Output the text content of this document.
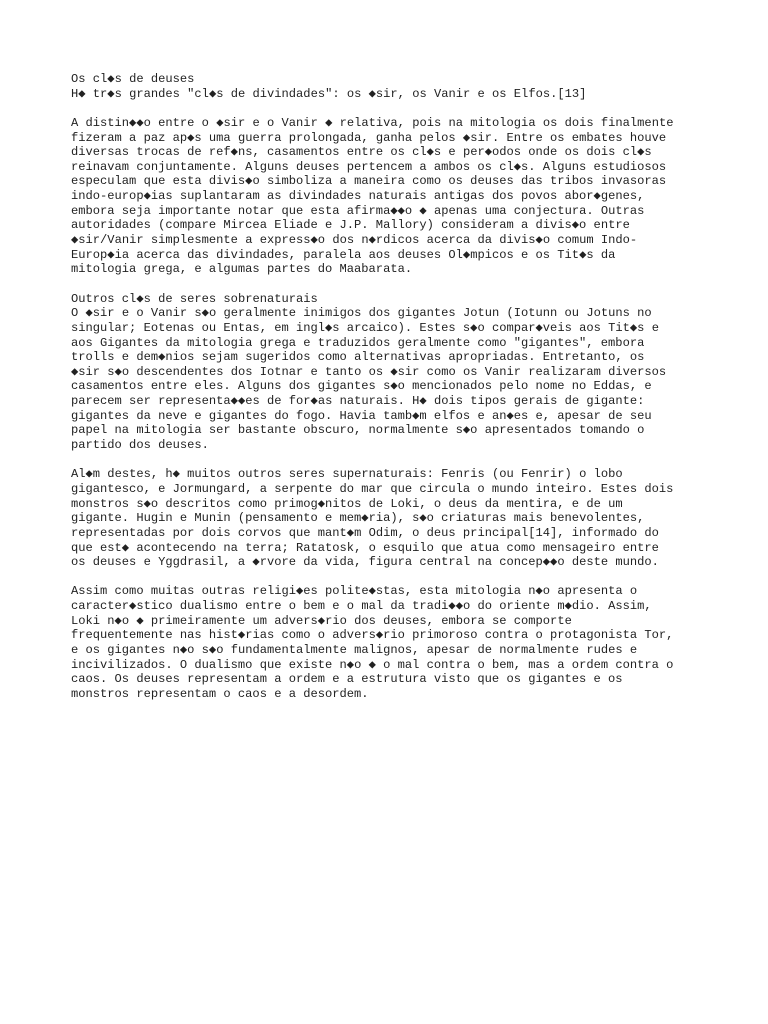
Os cl◆s de deuses
H◆ tr◆s grandes "cl◆s de divindades": os ◆sir, os Vanir e os Elfos.[13]
A distin◆◆o entre o ◆sir e o Vanir ◆ relativa, pois na mitologia os dois finalmente
fizeram a paz ap◆s uma guerra prolongada, ganha pelos ◆sir. Entre os embates houve
diversas trocas de ref◆ns, casamentos entre os cl◆s e per◆odos onde os dois cl◆s
reinavam conjuntamente. Alguns deuses pertencem a ambos os cl◆s. Alguns estudiosos
especulam que esta divis◆o simboliza a maneira como os deuses das tribos invasoras
indo-europ◆ias suplantaram as divindades naturais antigas dos povos abor◆genes,
embora seja importante notar que esta afirma◆◆o ◆ apenas uma conjectura. Outras
autoridades (compare Mircea Eliade e J.P. Mallory) consideram a divis◆o entre
◆sir/Vanir simplesmente a express◆o dos n◆rdicos acerca da divis◆o comum Indo-
Europ◆ia acerca das divindades, paralela aos deuses Ol◆mpicos e os Tit◆s da
mitologia grega, e algumas partes do Maabarata.
Outros cl◆s de seres sobrenaturais
O ◆sir e o Vanir s◆o geralmente inimigos dos gigantes Jotun (Iotunn ou Jotuns no
singular; Eotenas ou Entas, em ingl◆s arcaico). Estes s◆o compar◆veis aos Tit◆s e
aos Gigantes da mitologia grega e traduzidos geralmente como "gigantes", embora
trolls e dem◆nios sejam sugeridos como alternativas apropriadas. Entretanto, os
◆sir s◆o descendentes dos Iotnar e tanto os ◆sir como os Vanir realizaram diversos
casamentos entre eles. Alguns dos gigantes s◆o mencionados pelo nome no Eddas, e
parecem ser representa◆◆es de for◆as naturais. H◆ dois tipos gerais de gigante:
gigantes da neve e gigantes do fogo. Havia tamb◆m elfos e an◆es e, apesar de seu
papel na mitologia ser bastante obscuro, normalmente s◆o apresentados tomando o
partido dos deuses.
Al◆m destes, h◆ muitos outros seres supernaturais: Fenris (ou Fenrir) o lobo
gigantesco, e Jormungard, a serpente do mar que circula o mundo inteiro. Estes dois
monstros s◆o descritos como primog◆nitos de Loki, o deus da mentira, e de um
gigante. Hugin e Munin (pensamento e mem◆ria), s◆o criaturas mais benevolentes,
representadas por dois corvos que mant◆m Odim, o deus principal[14], informado do
que est◆ acontecendo na terra; Ratatosk, o esquilo que atua como mensageiro entre
os deuses e Yggdrasil, a ◆rvore da vida, figura central na concep◆◆o deste mundo.
Assim como muitas outras religi◆es polite◆stas, esta mitologia n◆o apresenta o
caracter◆stico dualismo entre o bem e o mal da tradi◆◆o do oriente m◆dio. Assim,
Loki n◆o ◆ primeiramente um advers◆rio dos deuses, embora se comporte
frequentemente nas hist◆rias como o advers◆rio primoroso contra o protagonista Tor,
e os gigantes n◆o s◆o fundamentalmente malignos, apesar de normalmente rudes e
incivilizados. O dualismo que existe n◆o ◆ o mal contra o bem, mas a ordem contra o
caos. Os deuses representam a ordem e a estrutura visto que os gigantes e os
monstros representam o caos e a desordem.
